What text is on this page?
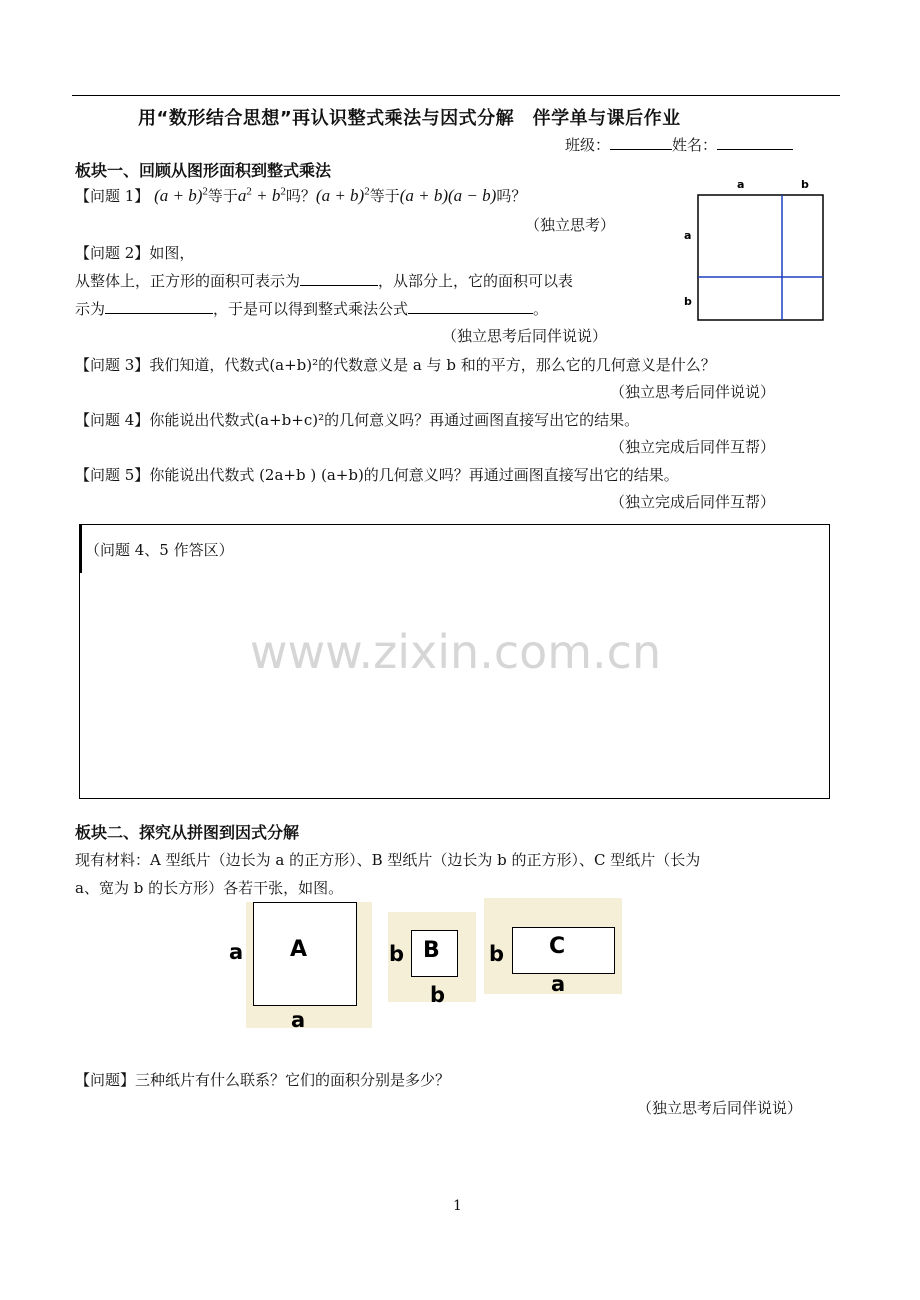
用“数形结合思想”再认识整式乘法与因式分解　伴学单与课后作业
班级：	姓名：
板块一、回顾从图形面积到整式乘法
【问题 1】 $(a + b)^2$等于$a^2 + b^2$吗？$(a + b)^2$等于(a + b)(a − b)吗？
（独立思考）
【问题 2】如图，
从整体上，正方形的面积可表示为	，从部分上，它的面积可以表
示为	，于是可以得到整式乘法公式	。
（独立思考后同伴说说）
a	b
a
b
【问题 3】我们知道，代数式(a+b)²的代数意义是 a 与 b 和的平方，那么它的几何意义是什么？
（独立思考后同伴说说）
【问题 4】你能说出代数式(a+b+c)²的几何意义吗？再通过画图直接写出它的结果。
（独立完成后同伴互帮）
【问题 5】你能说出代数式 (2a+b ) (a+b)的几何意义吗？再通过画图直接写出它的结果。
（独立完成后同伴互帮）
（问题 4、5 作答区）
www.zixin.com.cn
板块二、探究从拼图到因式分解
现有材料：A 型纸片（边长为 a 的正方形）、B 型纸片（边长为 b 的正方形）、C 型纸片（长为
a、宽为 b 的长方形）各若干张，如图。
A
a
a
B
b
b
C
b
a
【问题】三种纸片有什么联系？它们的面积分别是多少？
（独立思考后同伴说说）
1
